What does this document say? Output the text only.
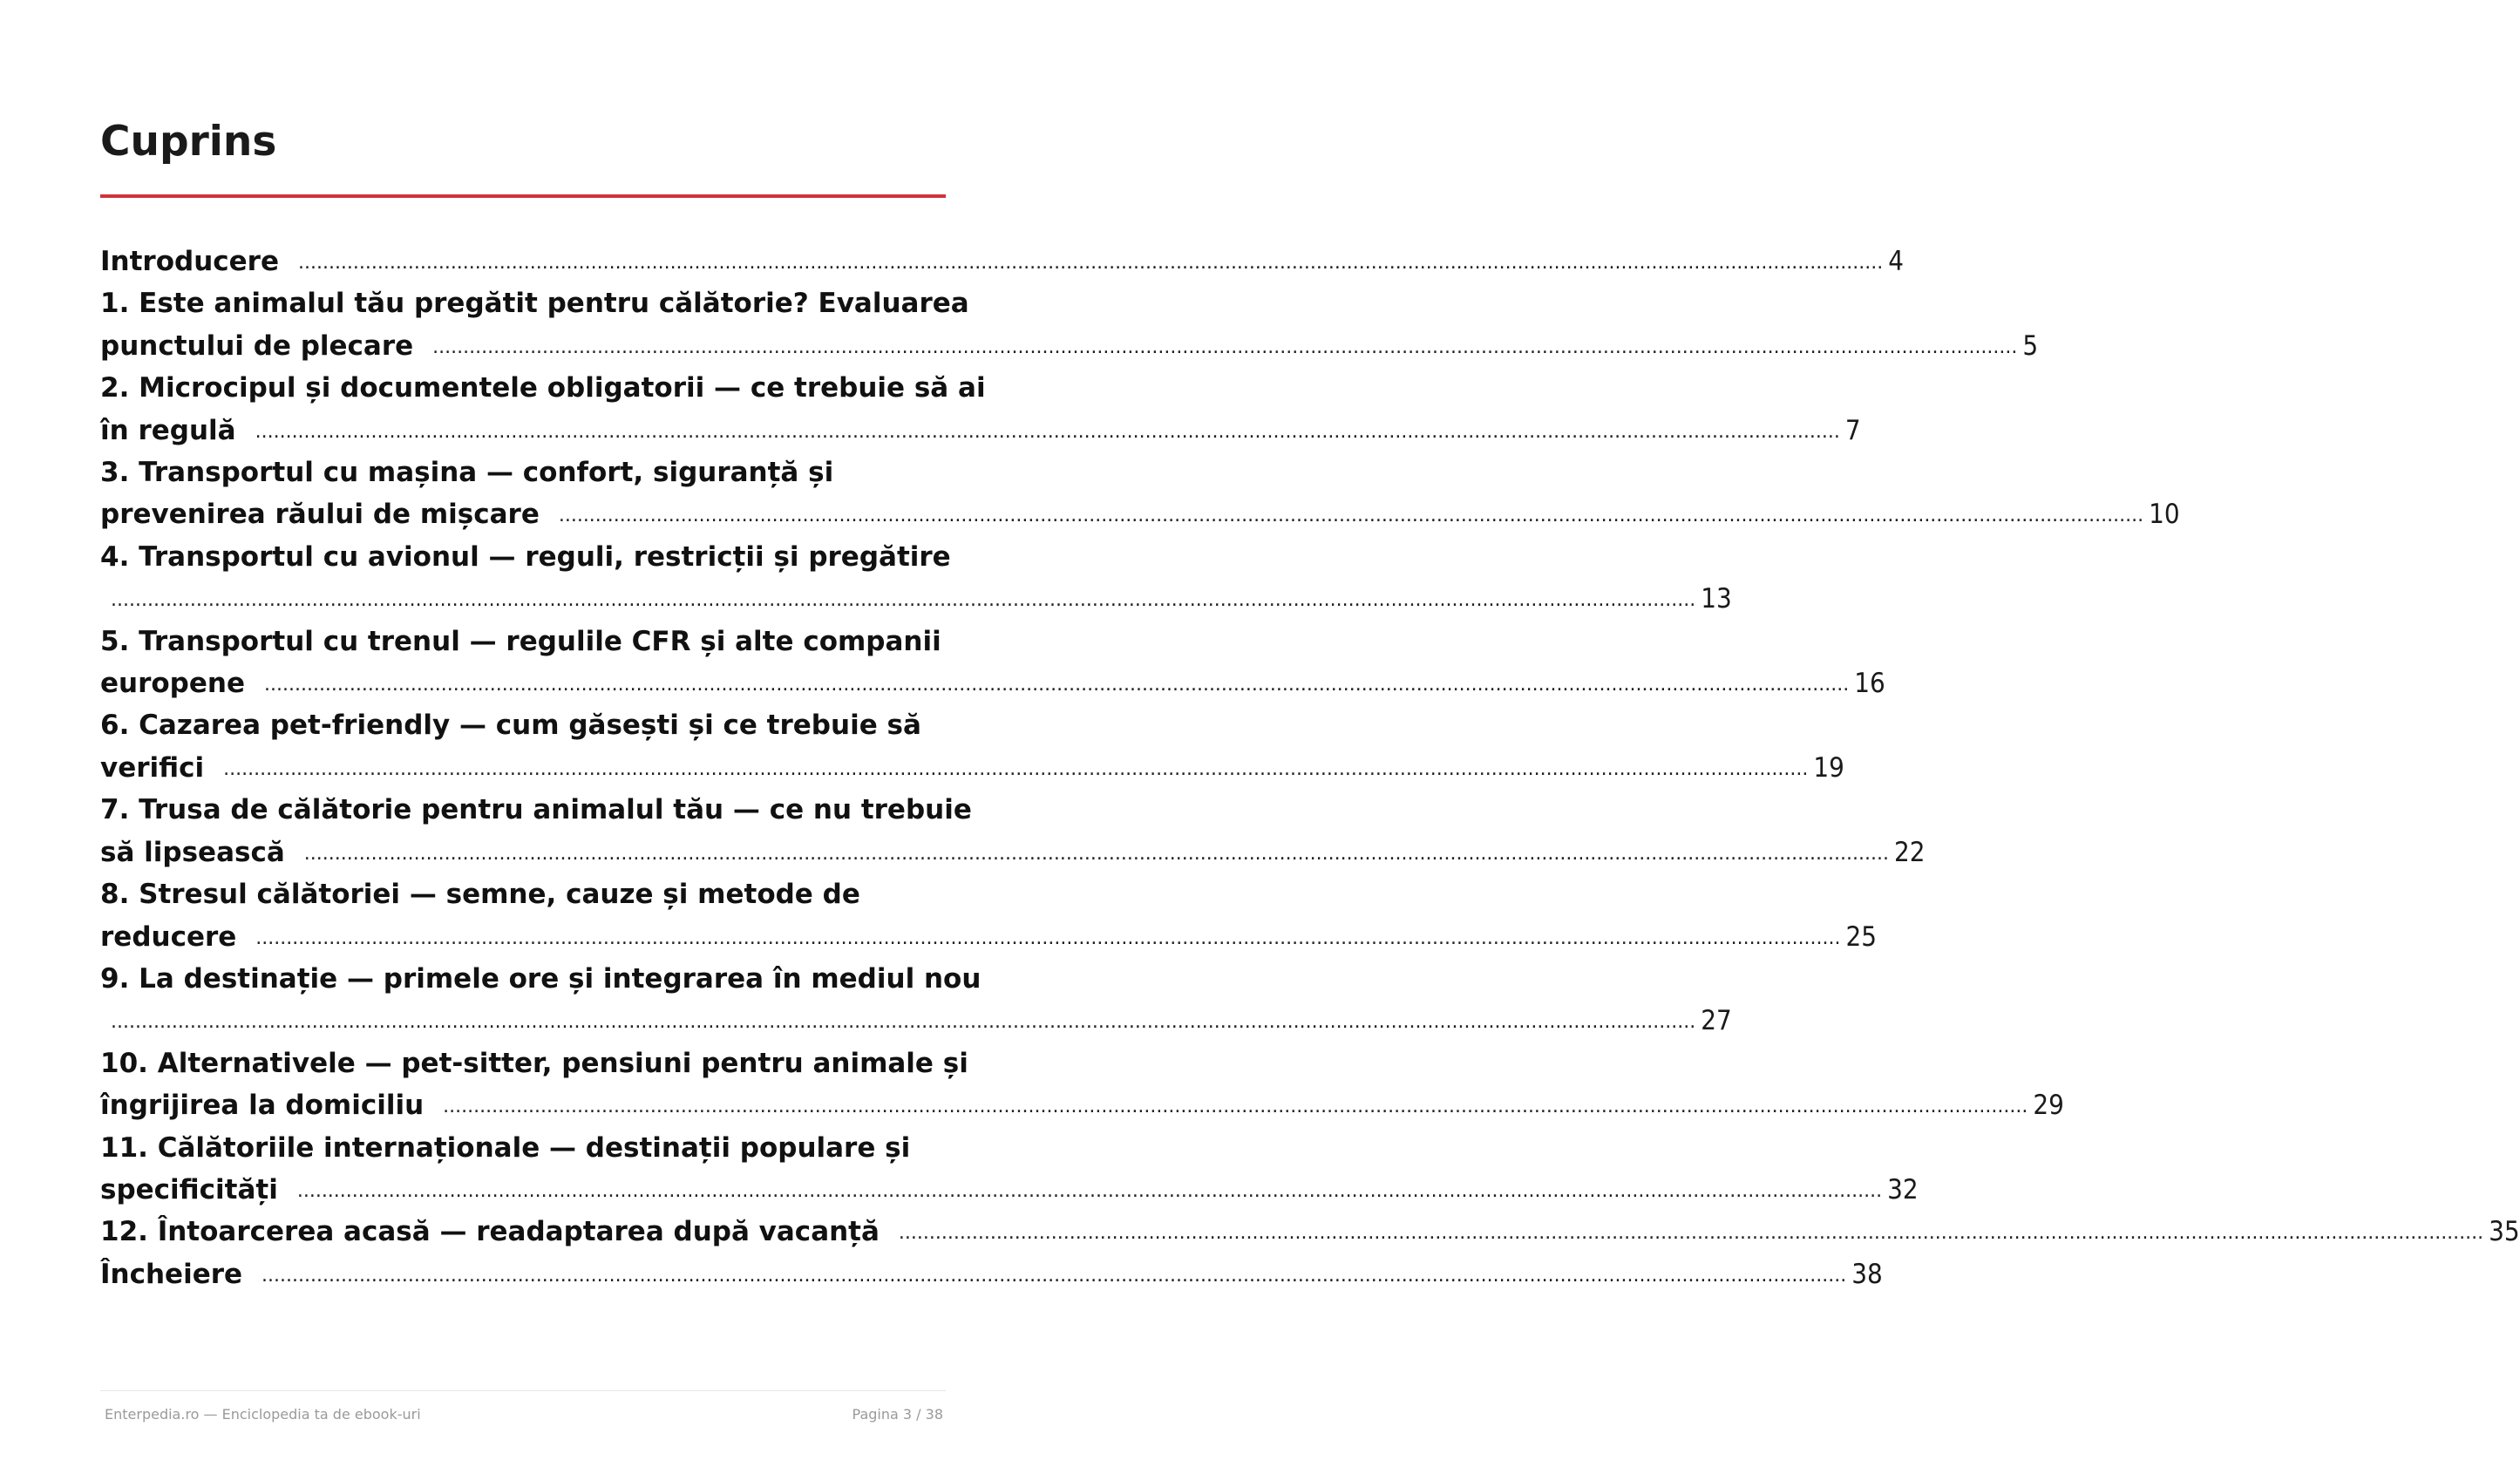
Cuprins
Introducere .................................................................................................................................................................................................................................................................... 4
1. Este animalul tău pregătit pentru călătorie? Evaluarea
punctului de plecare .................................................................................................................................................................................................................................................................... 5
2. Microcipul și documentele obligatorii — ce trebuie să ai
în regulă .................................................................................................................................................................................................................................................................... 7
3. Transportul cu mașina — confort, siguranță și
prevenirea răului de mișcare .................................................................................................................................................................................................................................................................... 10
4. Transportul cu avionul — reguli, restricții și pregătire
.................................................................................................................................................................................................................................................................... 13
5. Transportul cu trenul — regulile CFR și alte companii
europene .................................................................................................................................................................................................................................................................... 16
6. Cazarea pet-friendly — cum găsești și ce trebuie să
verifici .................................................................................................................................................................................................................................................................... 19
7. Trusa de călătorie pentru animalul tău — ce nu trebuie
să lipsească .................................................................................................................................................................................................................................................................... 22
8. Stresul călătoriei — semne, cauze și metode de
reducere .................................................................................................................................................................................................................................................................... 25
9. La destinație — primele ore și integrarea în mediul nou
.................................................................................................................................................................................................................................................................... 27
10. Alternativele — pet-sitter, pensiuni pentru animale și
îngrijirea la domiciliu .................................................................................................................................................................................................................................................................... 29
11. Călătoriile internaționale — destinații populare și
specificități .................................................................................................................................................................................................................................................................... 32
12. Întoarcerea acasă — readaptarea după vacanță .................................................................................................................................................................................................................................................................... 35
Încheiere .................................................................................................................................................................................................................................................................... 38
Enterpedia.ro — Enciclopedia ta de ebook-uri	Pagina 3 / 38
